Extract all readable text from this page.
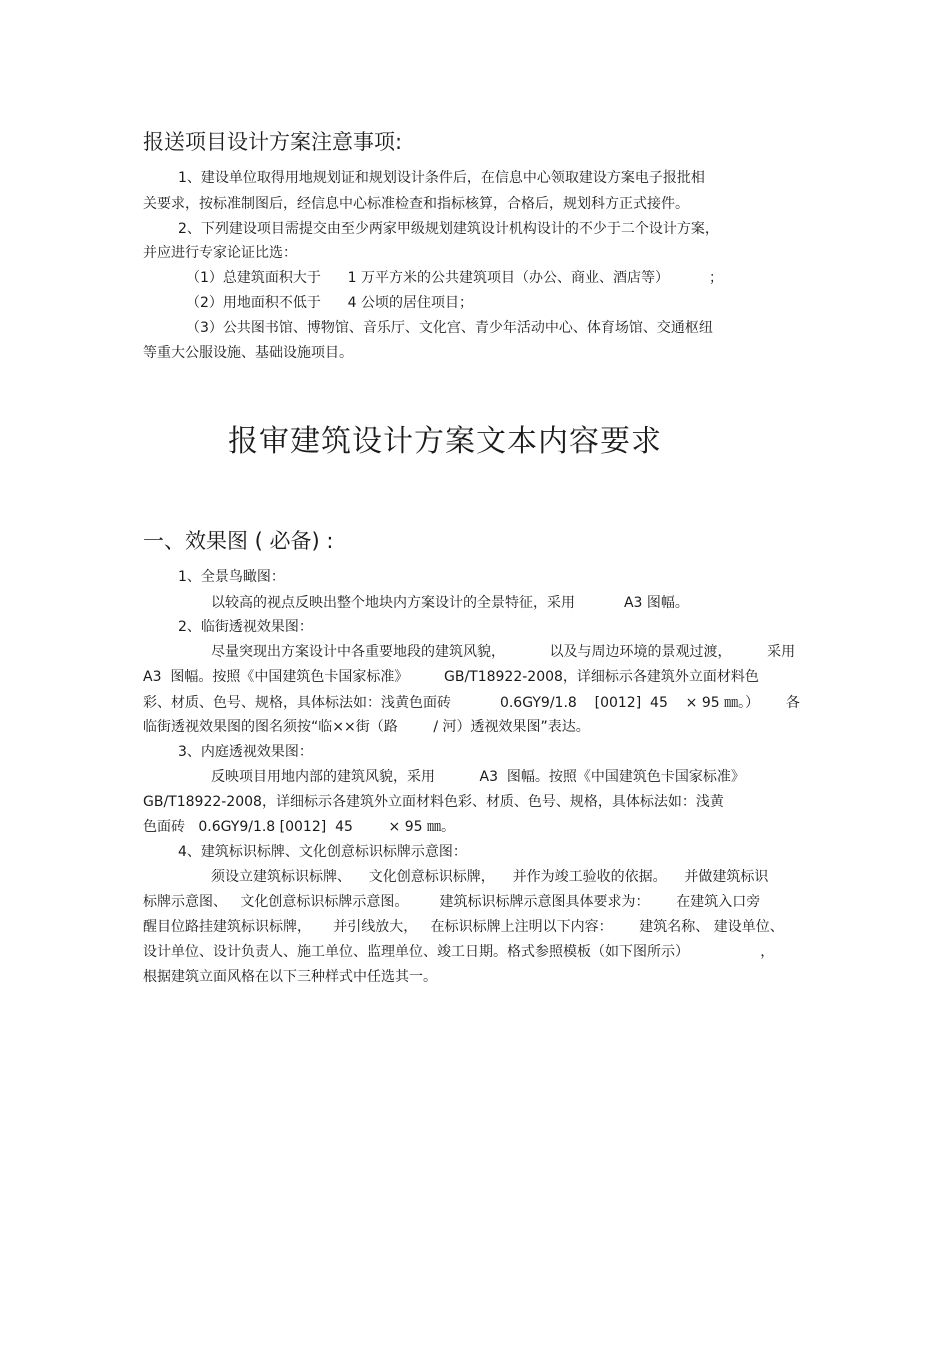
报送项目设计方案注意事项:
1、建设单位取得用地规划证和规划设计条件后，在信息中心领取建设方案电子报批相
关要求，按标准制图后，经信息中心标准检查和指标核算，合格后，规划科方正式接件。
2、下列建设项目需提交由至少两家甲级规划建筑设计机构设计的不少于二个设计方案，
并应进行专家论证比选：
（1）总建筑面积大于      1 万平方米的公共建筑项目（办公、商业、酒店等）         ；
（2）用地面积不低于      4 公顷的居住项目；
（3）公共图书馆、博物馆、音乐厅、文化宫、青少年活动中心、体育场馆、交通枢纽
等重大公服设施、基础设施项目。
报审建筑设计方案文本内容要求
一、效果图 ( 必备) :
1、全景鸟瞰图：
以较高的视点反映出整个地块内方案设计的全景特征，采用           A3 图幅。
2、临街透视效果图：
尽量突现出方案设计中各重要地段的建筑风貌，          以及与周边环境的景观过渡，        采用
A3  图幅。按照《中国建筑色卡国家标准》        GB/T18922-2008，详细标示各建筑外立面材料色
彩、材质、色号、规格，具体标法如：浅黄色面砖           0.6GY9/1.8    [0012]  45    × 95 ㎜。）      各
临街透视效果图的图名须按“临××街（路        / 河）透视效果图”表达。
3、内庭透视效果图：
反映项目用地内部的建筑风貌，采用          A3  图幅。按照《中国建筑色卡国家标准》
GB/T18922-2008，详细标示各建筑外立面材料色彩、材质、色号、规格，具体标法如：浅黄
色面砖   0.6GY9/1.8 [0012]  45        × 95 ㎜。
4、建筑标识标牌、文化创意标识标牌示意图：
须设立建筑标识标牌、    文化创意标识标牌，    并作为竣工验收的依据。    并做建筑标识
标牌示意图、   文化创意标识标牌示意图。       建筑标识标牌示意图具体要求为：      在建筑入口旁
醒目位路挂建筑标识标牌，     并引线放大，   在标识标牌上注明以下内容：      建筑名称、 建设单位、
设计单位、设计负责人、施工单位、监理单位、竣工日期。格式参照模板（如下图所示）                ，
根据建筑立面风格在以下三种样式中任选其一。
